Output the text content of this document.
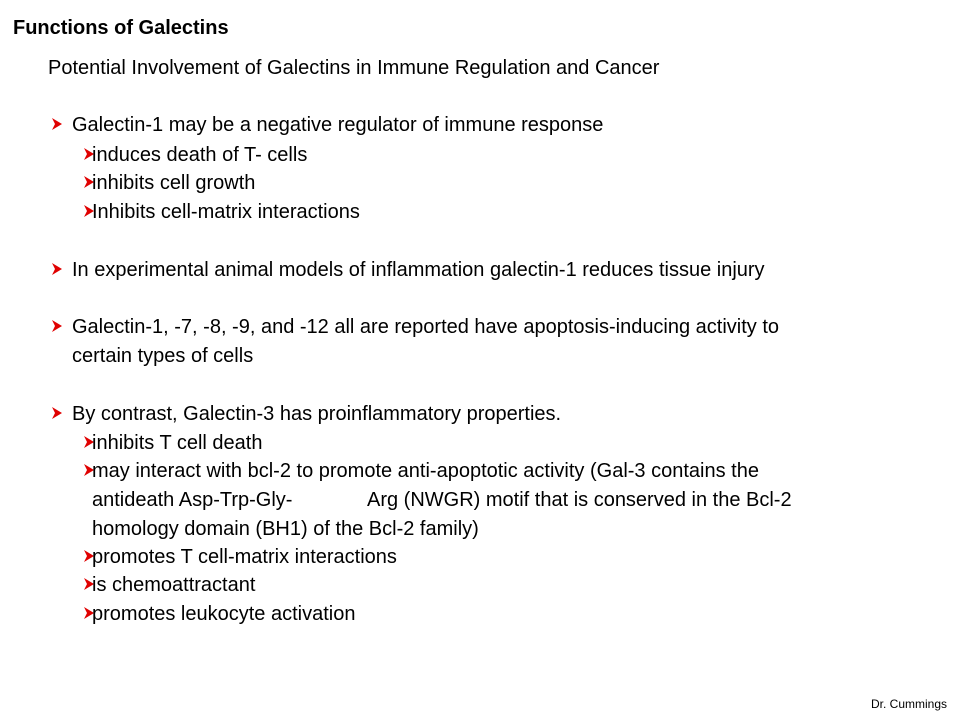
Functions of Galectins
Potential Involvement of Galectins in Immune Regulation and Cancer
Galectin-1 may be a negative regulator of immune response
induces death of T- cells
inhibits cell growth
Inhibits cell-matrix interactions
In experimental animal models of inflammation galectin-1 reduces tissue injury
Galectin-1, -7, -8, -9, and -12 all are reported have apoptosis-inducing activity to
certain types of cells
By contrast, Galectin-3 has proinflammatory properties.
inhibits T cell death
may interact with bcl-2 to promote anti-apoptotic activity (Gal-3 contains the
antideath Asp-Trp-Gly-	Arg (NWGR) motif that is conserved in the Bcl-2
homology domain (BH1) of the Bcl-2 family)
promotes T cell-matrix interactions
is chemoattractant
promotes leukocyte activation
Dr. Cummings
